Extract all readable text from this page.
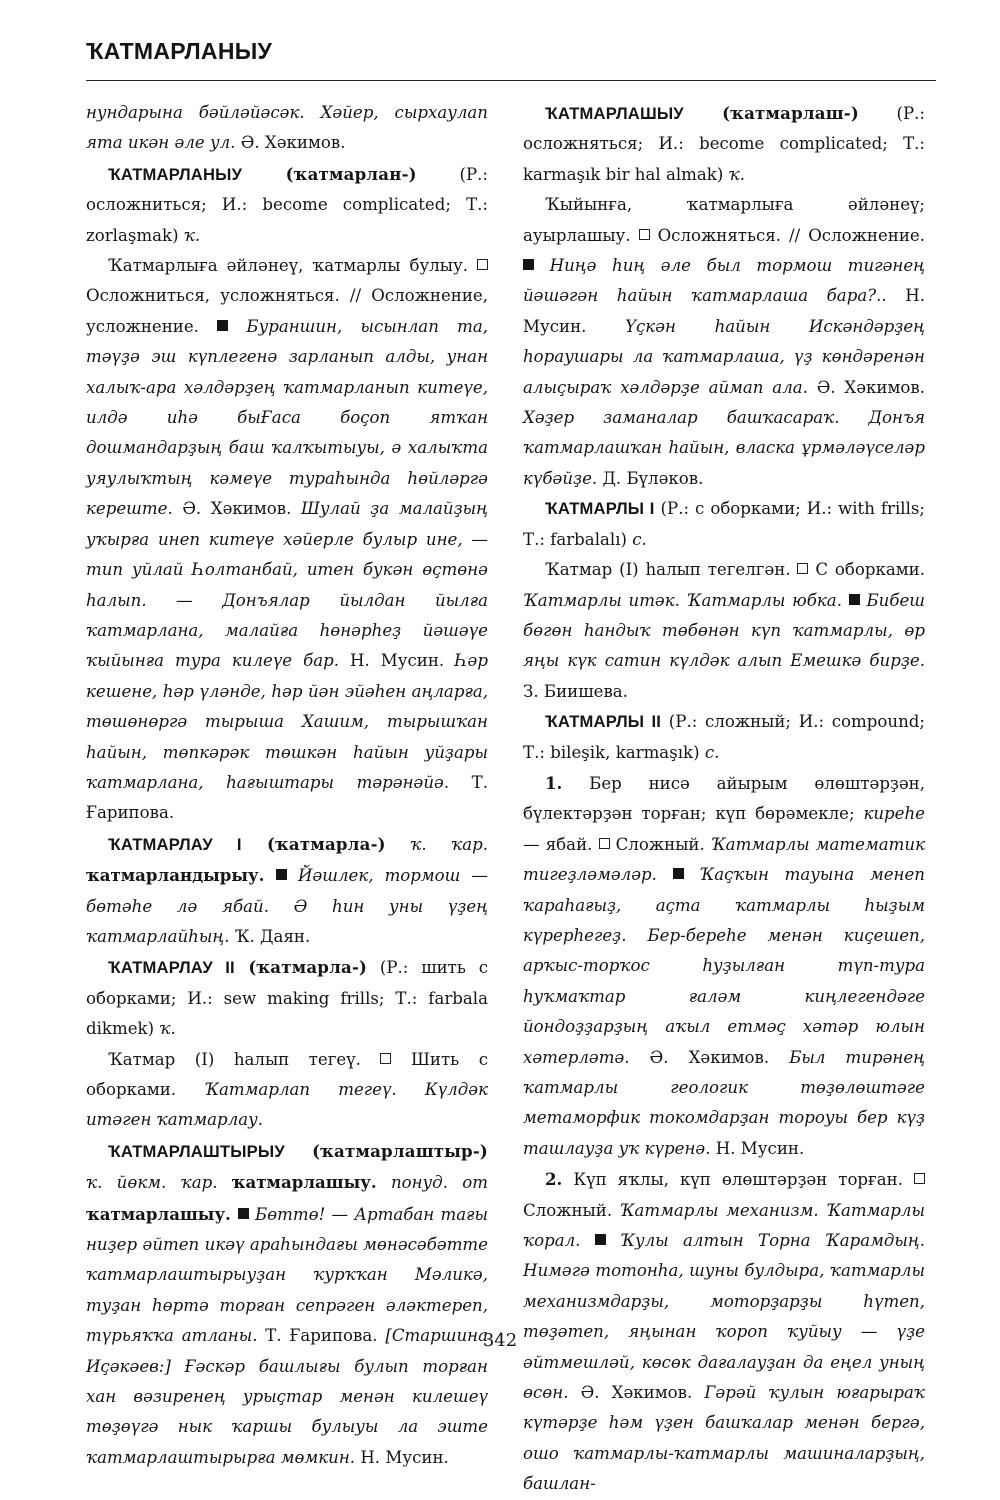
ҠАТМАРЛАНЫУ

нундарына бәйләйәсәк. Хәйер, сырхаулап ята икән әле ул. Ә. Хәкимов.

ҠАТМАРЛАНЫУ (ҡатмарлан-) (Р.: осложниться; И.: become complicated; Т.: zorlaşmak) ҡ.

Ҡатмарлыға әйләнеү, ҡатмарлы булыу.  Осложниться, усложняться. // Осложнение, усложнение.  Бураншин, ысынлап та, тәүҙә эш күплегенә зарланып алды, унан халыҡ-ара хәлдәрҙең ҡатмарланып китеүе, илдә иһә быҒаса боҫоп ятҡан дошмандарҙың баш ҡалҡытыуы, ә халыҡта уяулыҡтың кәмеүе тураһында һөйләргә кереште. Ә. Хәкимов. Шулай ҙа малайҙың уҡырға инеп китеүе хәйерле булыр ине, — тип уйлай Һолтанбай, итен букән өҫтөнә һалып. — Донъялар йылдан йылға ҡатмарлана, малайға һөнәрһеҙ йәшәүе ҡыйынға тура килеүе бар. Н. Мусин. Һәр кешене, һәр үләнде, һәр йән эйәһен аңларға, төшөнөргә тырыша Хашим, тырышҡан һайын, төпкәрәк төшкән һайын уйҙары ҡатмарлана, һағыштары тәрәнәйә. Т. Ғарипова.

ҠАТМАРЛАУ I (ҡатмарла-) ҡ. ҡар. ҡатмарландырыу.  Йәшлек, тормош — бөтәһе лә ябай. Ә һин уны үҙең ҡатмарлайһың. Ҡ. Даян.

ҠАТМАРЛАУ II (ҡатмарла-) (Р.: шить с оборками; И.: sew making frills; Т.: farbala dikmek) ҡ.

Ҡатмар (I) һалып тегеү.  Шить с оборками. Ҡатмарлап тегеү. Күлдәк итәген ҡатмарлау.

ҠАТМАРЛАШТЫРЫУ (ҡатмарлаштыр-) ҡ. йөкм. ҡар. ҡатмарлашыу. понуд. от ҡатмарлашыу.  Бөттө! — Артабан тағы ниҙер әйтеп икәү араһындағы мөнәсәбәтте ҡатмарлаштырыуҙан ҡурҡҡан Мәликә, туҙан һөртә торған сепрәген әләктереп, түрьяҡҡа атланы. Т. Ғарипова. [Старшина Иҫәкәев:] Ғәскәр башлығы булып торған хан вәзиренең урыҫтар менән килешеү төҙөүгә нык ҡаршы булыуы ла эште ҡатмарлаштырырға мөмкин. Н. Мусин.

ҠАТМАРЛАШЫУ (ҡатмарлаш-) (Р.: осложняться; И.: become complicated; Т.: karmaşık bir hal almak) ҡ.

Ҡыйынға, ҡатмарлыға әйләнеү; ауырлашыу.  Осложняться. // Осложнение.  Ниңә һиң әле был тормош тигәнең йәшәгән һайын ҡатмарлаша бара?.. Н. Мусин. Үҫкән һайын Искәндәрҙең һораушары ла ҡатмарлаша, үҙ көндәренән алыҫыраҡ хәлдәрҙе аймап ала. Ә. Хәкимов. Хәҙер заманалар башҡасараҡ. Донъя ҡатмарлашҡан һайын, власка ұрмәләүселәр күбәйҙе. Д. Бүләков.

ҠАТМАРЛЫ I (Р.: с оборками; И.: with frills; Т.: farbalalı) с.

Ҡатмар (I) һалып тегелгән.  С оборками. Ҡатмарлы итәк. Ҡатмарлы юбка. Бибеш бөгөн һандыҡ төбөнән күп ҡатмарлы, өр яңы күк сатин күлдәк алып Емешкә бирҙе. З. Биишева.

ҠАТМАРЛЫ II (Р.: сложный; И.: compound; Т.: bileşik, karmaşık) с.

1. Бер нисә айырым өлөштәрҙән, бүлектәрҙән торған; күп бөрәмекле; киреһе — ябай.  Сложный. Ҡатмарлы математик тигеҙләмәләр.	Ҡаҫҡын тауына менеп ҡараһағыҙ, аҫта ҡатмарлы һыҙым күрерһегеҙ. Бер-береһе менән киҫешеп, арҡыс-торҡос һуҙылған түп-тура һуҡмаҡтар ғаләм киңлегендәге йондоҙҙарҙың аҡыл етмәҫ хәтәр юлын хәтерләтә. Ә. Хәкимов. Был тирәнең ҡатмарлы геологик төҙөлөштәге метаморфик токомдарҙан тороуы бер күҙ ташлауҙа уҡ күренә. Н. Мусин.

2. Күп яҡлы, күп өлөштәрҙән торған.  Сложный. Ҡатмарлы механизм. Ҡатмарлы ҡорал. Ҡулы алтын Торна Ҡарамдың. Нимәгә тотонһа, шуны булдыра, ҡатмарлы механизмдарҙы, моторҙарҙы һүтеп, төҙәтеп, яңынан ҡороп ҡуйыу — үҙе әйтмешләй, көсөк дағалауҙан да еңел уның өсөн. Ә. Хәкимов. Гәрәй ҡулын юғарыраҡ күтәрҙе һәм үҙен башҡалар менән бергә, ошо ҡатмарлы-ҡатмарлы машиналарҙың, башлан-

342
